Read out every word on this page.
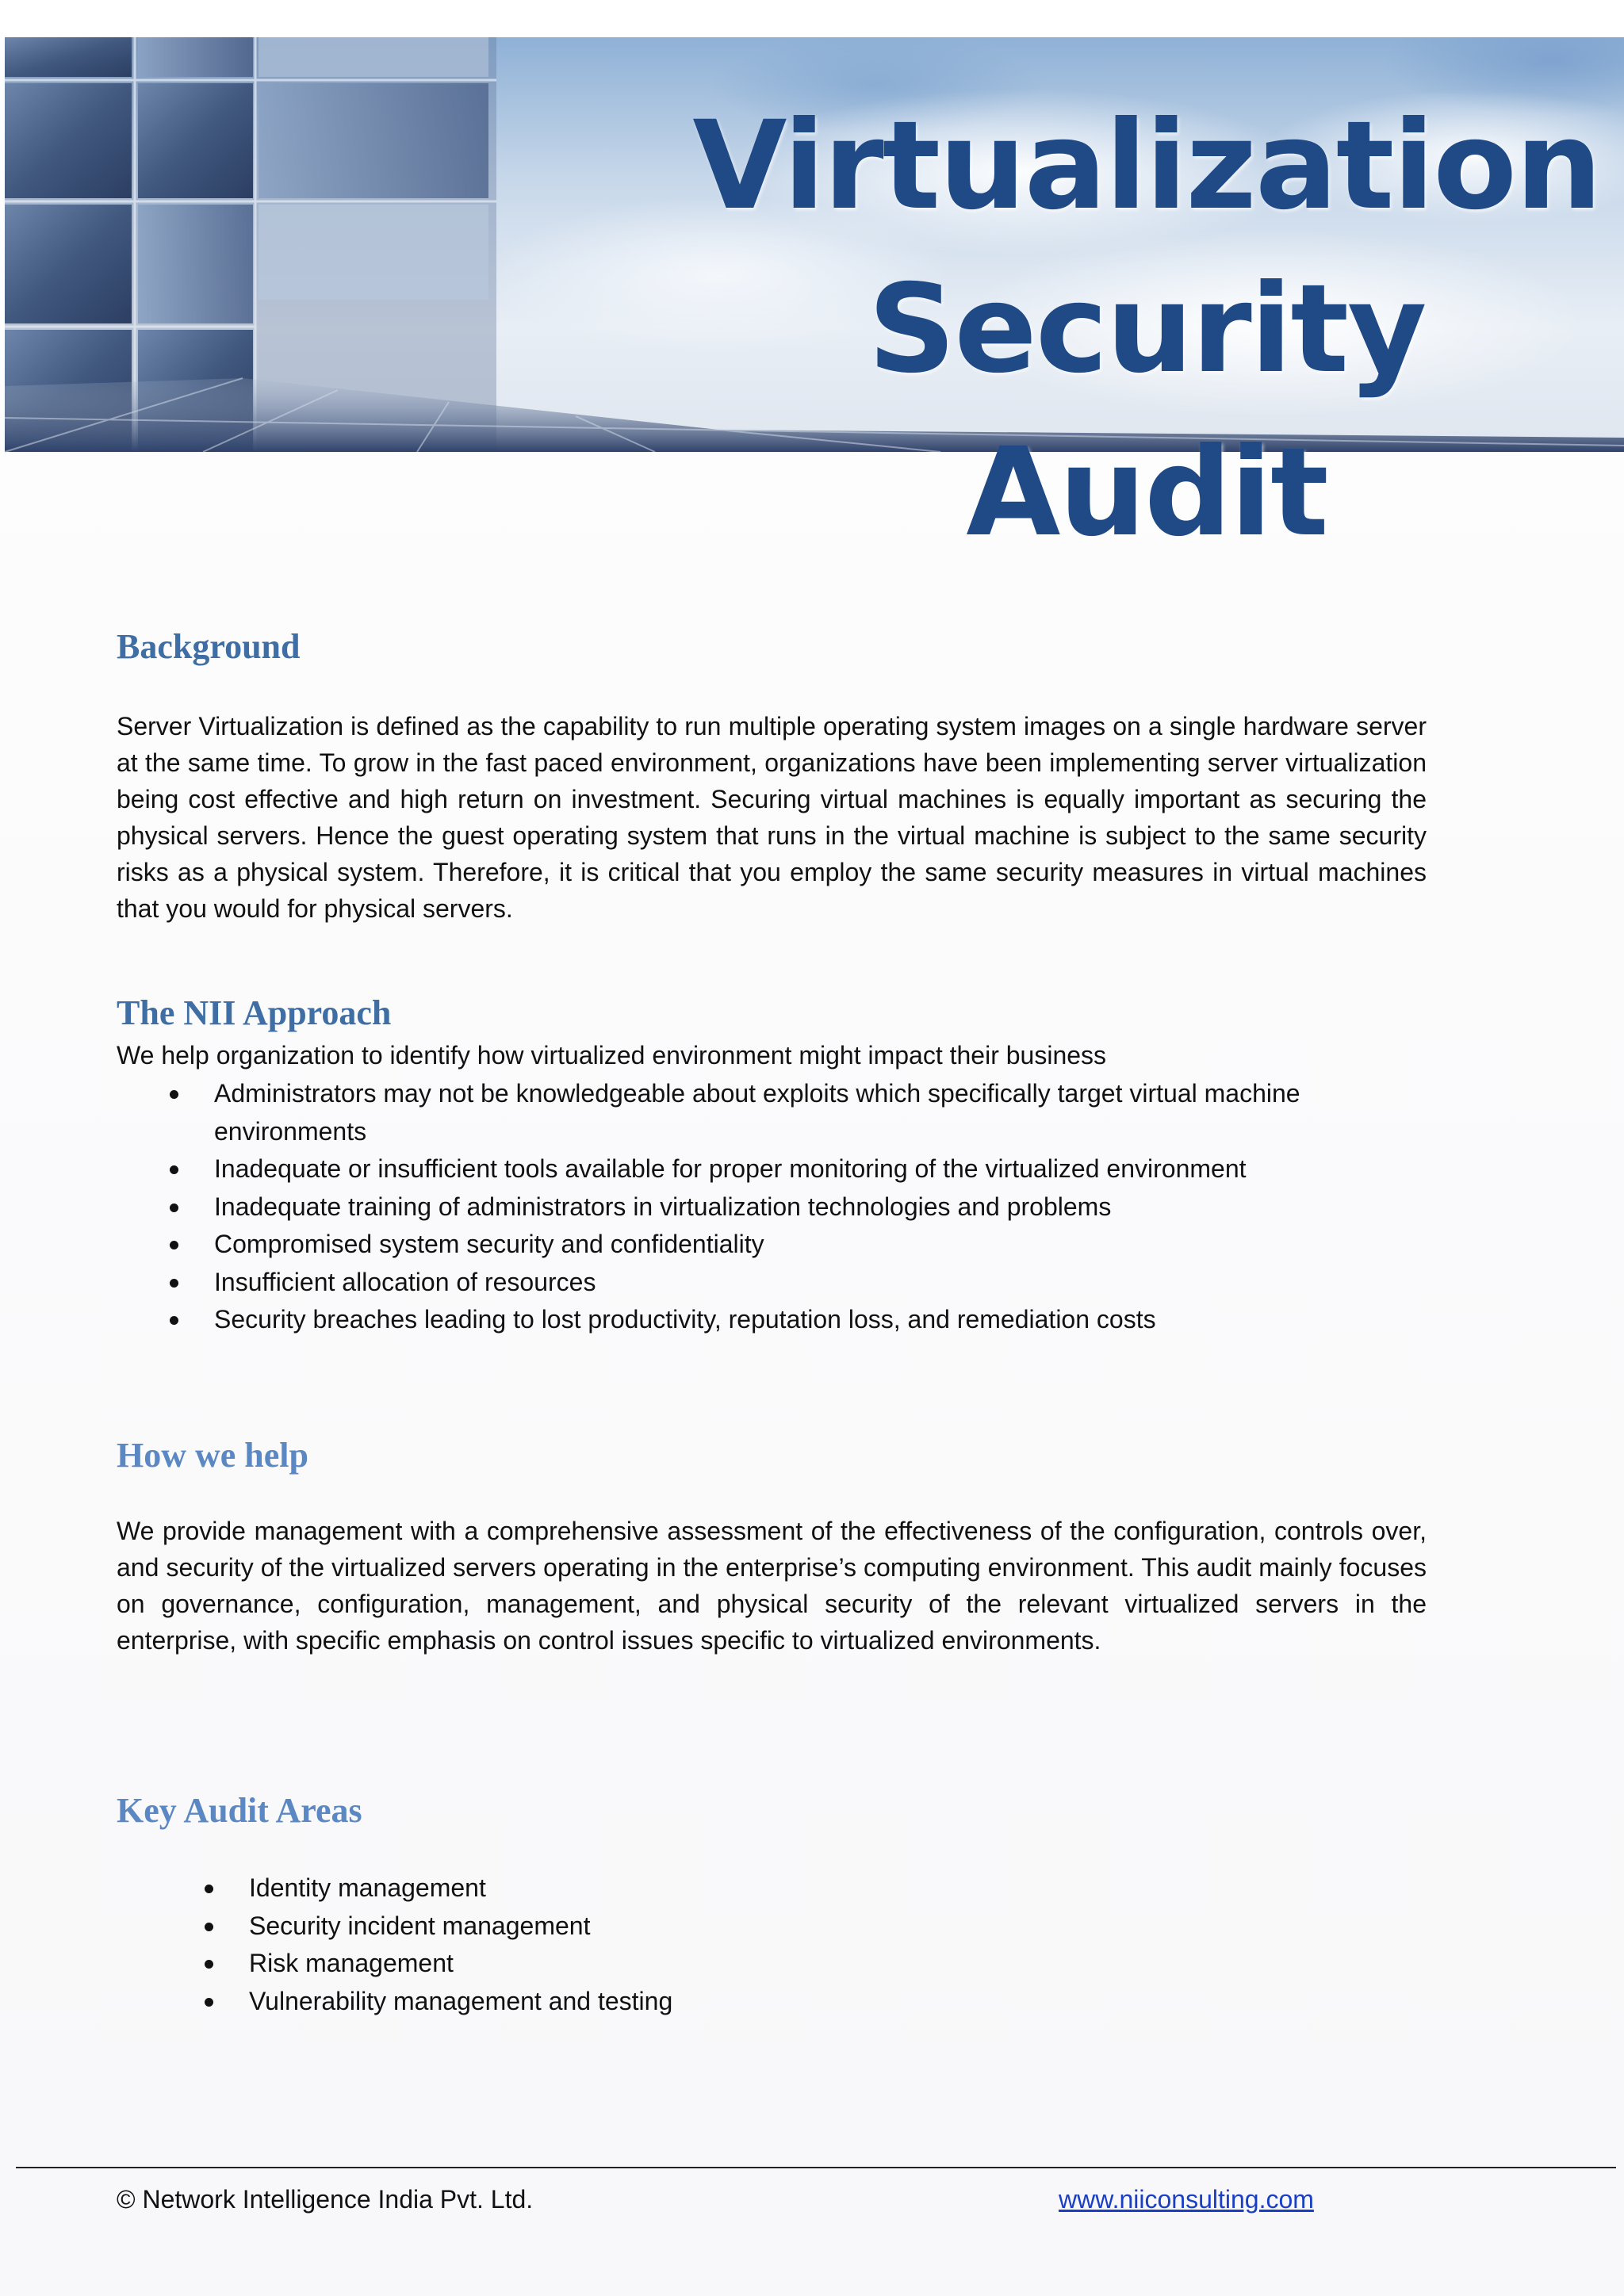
Virtualization
Security Audit
Background

Server Virtualization is defined as the capability to run multiple operating system images on a single hardware server at the same time. To grow in the fast paced environment, organizations have been implementing server virtualization being cost effective and high return on investment. Securing virtual machines is equally important as securing the physical servers. Hence the guest operating system that runs in the virtual machine is subject to the same security risks as a physical system. Therefore, it is critical that you employ the same security measures in virtual machines that you would for physical servers.

The NII Approach

We help organization to identify how virtualized environment might impact their business

Administrators may not be knowledgeable about exploits which specifically target virtual machine environments
Inadequate or insufficient tools available for proper monitoring of the virtualized environment
Inadequate training of administrators in virtualization technologies and problems
Compromised system security and confidentiality
Insufficient allocation of resources
Security breaches leading to lost productivity, reputation loss, and remediation costs
How we help

We provide management with a comprehensive assessment of the effectiveness of the configuration, controls over, and security of the virtualized servers operating in the enterprise’s computing environment. This audit mainly focuses on governance, configuration, management, and physical security of the relevant virtualized servers in the enterprise, with specific emphasis on control issues specific to virtualized environments.

Key Audit Areas
Identity management
Security incident management
Risk management
Vulnerability management and testing

© Network Intelligence India Pvt. Ltd.	www.niiconsulting.com
